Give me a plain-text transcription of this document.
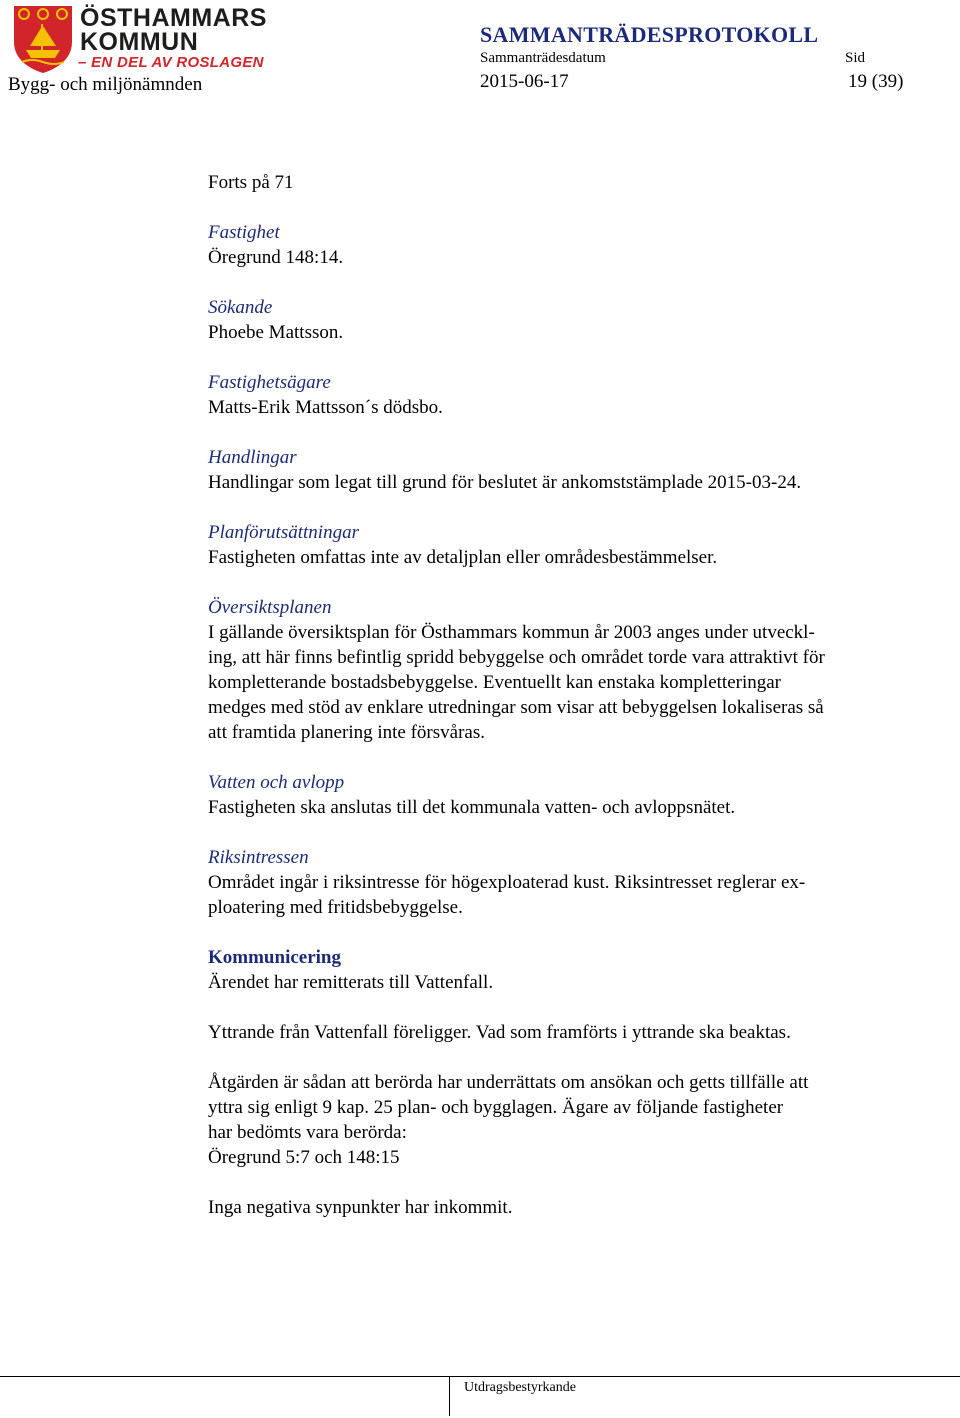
ÖSTHAMMARS
KOMMUN
– EN DEL AV ROSLAGEN
Bygg- och miljönämnden
SAMMANTRÄDESPROTOKOLL
Sammanträdesdatum
2015-06-17
Sid
19 (39)
Forts på 71
Fastighet
Öregrund 148:14.
Sökande
Phoebe Mattsson.
Fastighetsägare
Matts-Erik Mattsson´s dödsbo.
Handlingar
Handlingar som legat till grund för beslutet är ankomststämplade 2015-03-24.
Planförutsättningar
Fastigheten omfattas inte av detaljplan eller områdesbestämmelser.
Översiktsplanen
I gällande översiktsplan för Östhammars kommun år 2003 anges under utveckl-
ing, att här finns befintlig spridd bebyggelse och området torde vara attraktivt för
kompletterande bostadsbebyggelse. Eventuellt kan enstaka kompletteringar
medges med stöd av enklare utredningar som visar att bebyggelsen lokaliseras så
att framtida planering inte försvåras.
Vatten och avlopp
Fastigheten ska anslutas till det kommunala vatten- och avloppsnätet.
Riksintressen
Området ingår i riksintresse för högexploaterad kust. Riksintresset reglerar ex-
ploatering med fritidsbebyggelse.
Kommunicering
Ärendet har remitterats till Vattenfall.
Yttrande från Vattenfall föreligger. Vad som framförts i yttrande ska beaktas.
Åtgärden är sådan att berörda har underrättats om ansökan och getts tillfälle att
yttra sig enligt 9 kap. 25 plan- och bygglagen. Ägare av följande fastigheter
har bedömts vara berörda:
Öregrund 5:7 och 148:15
Inga negativa synpunkter har inkommit.
Utdragsbestyrkande
